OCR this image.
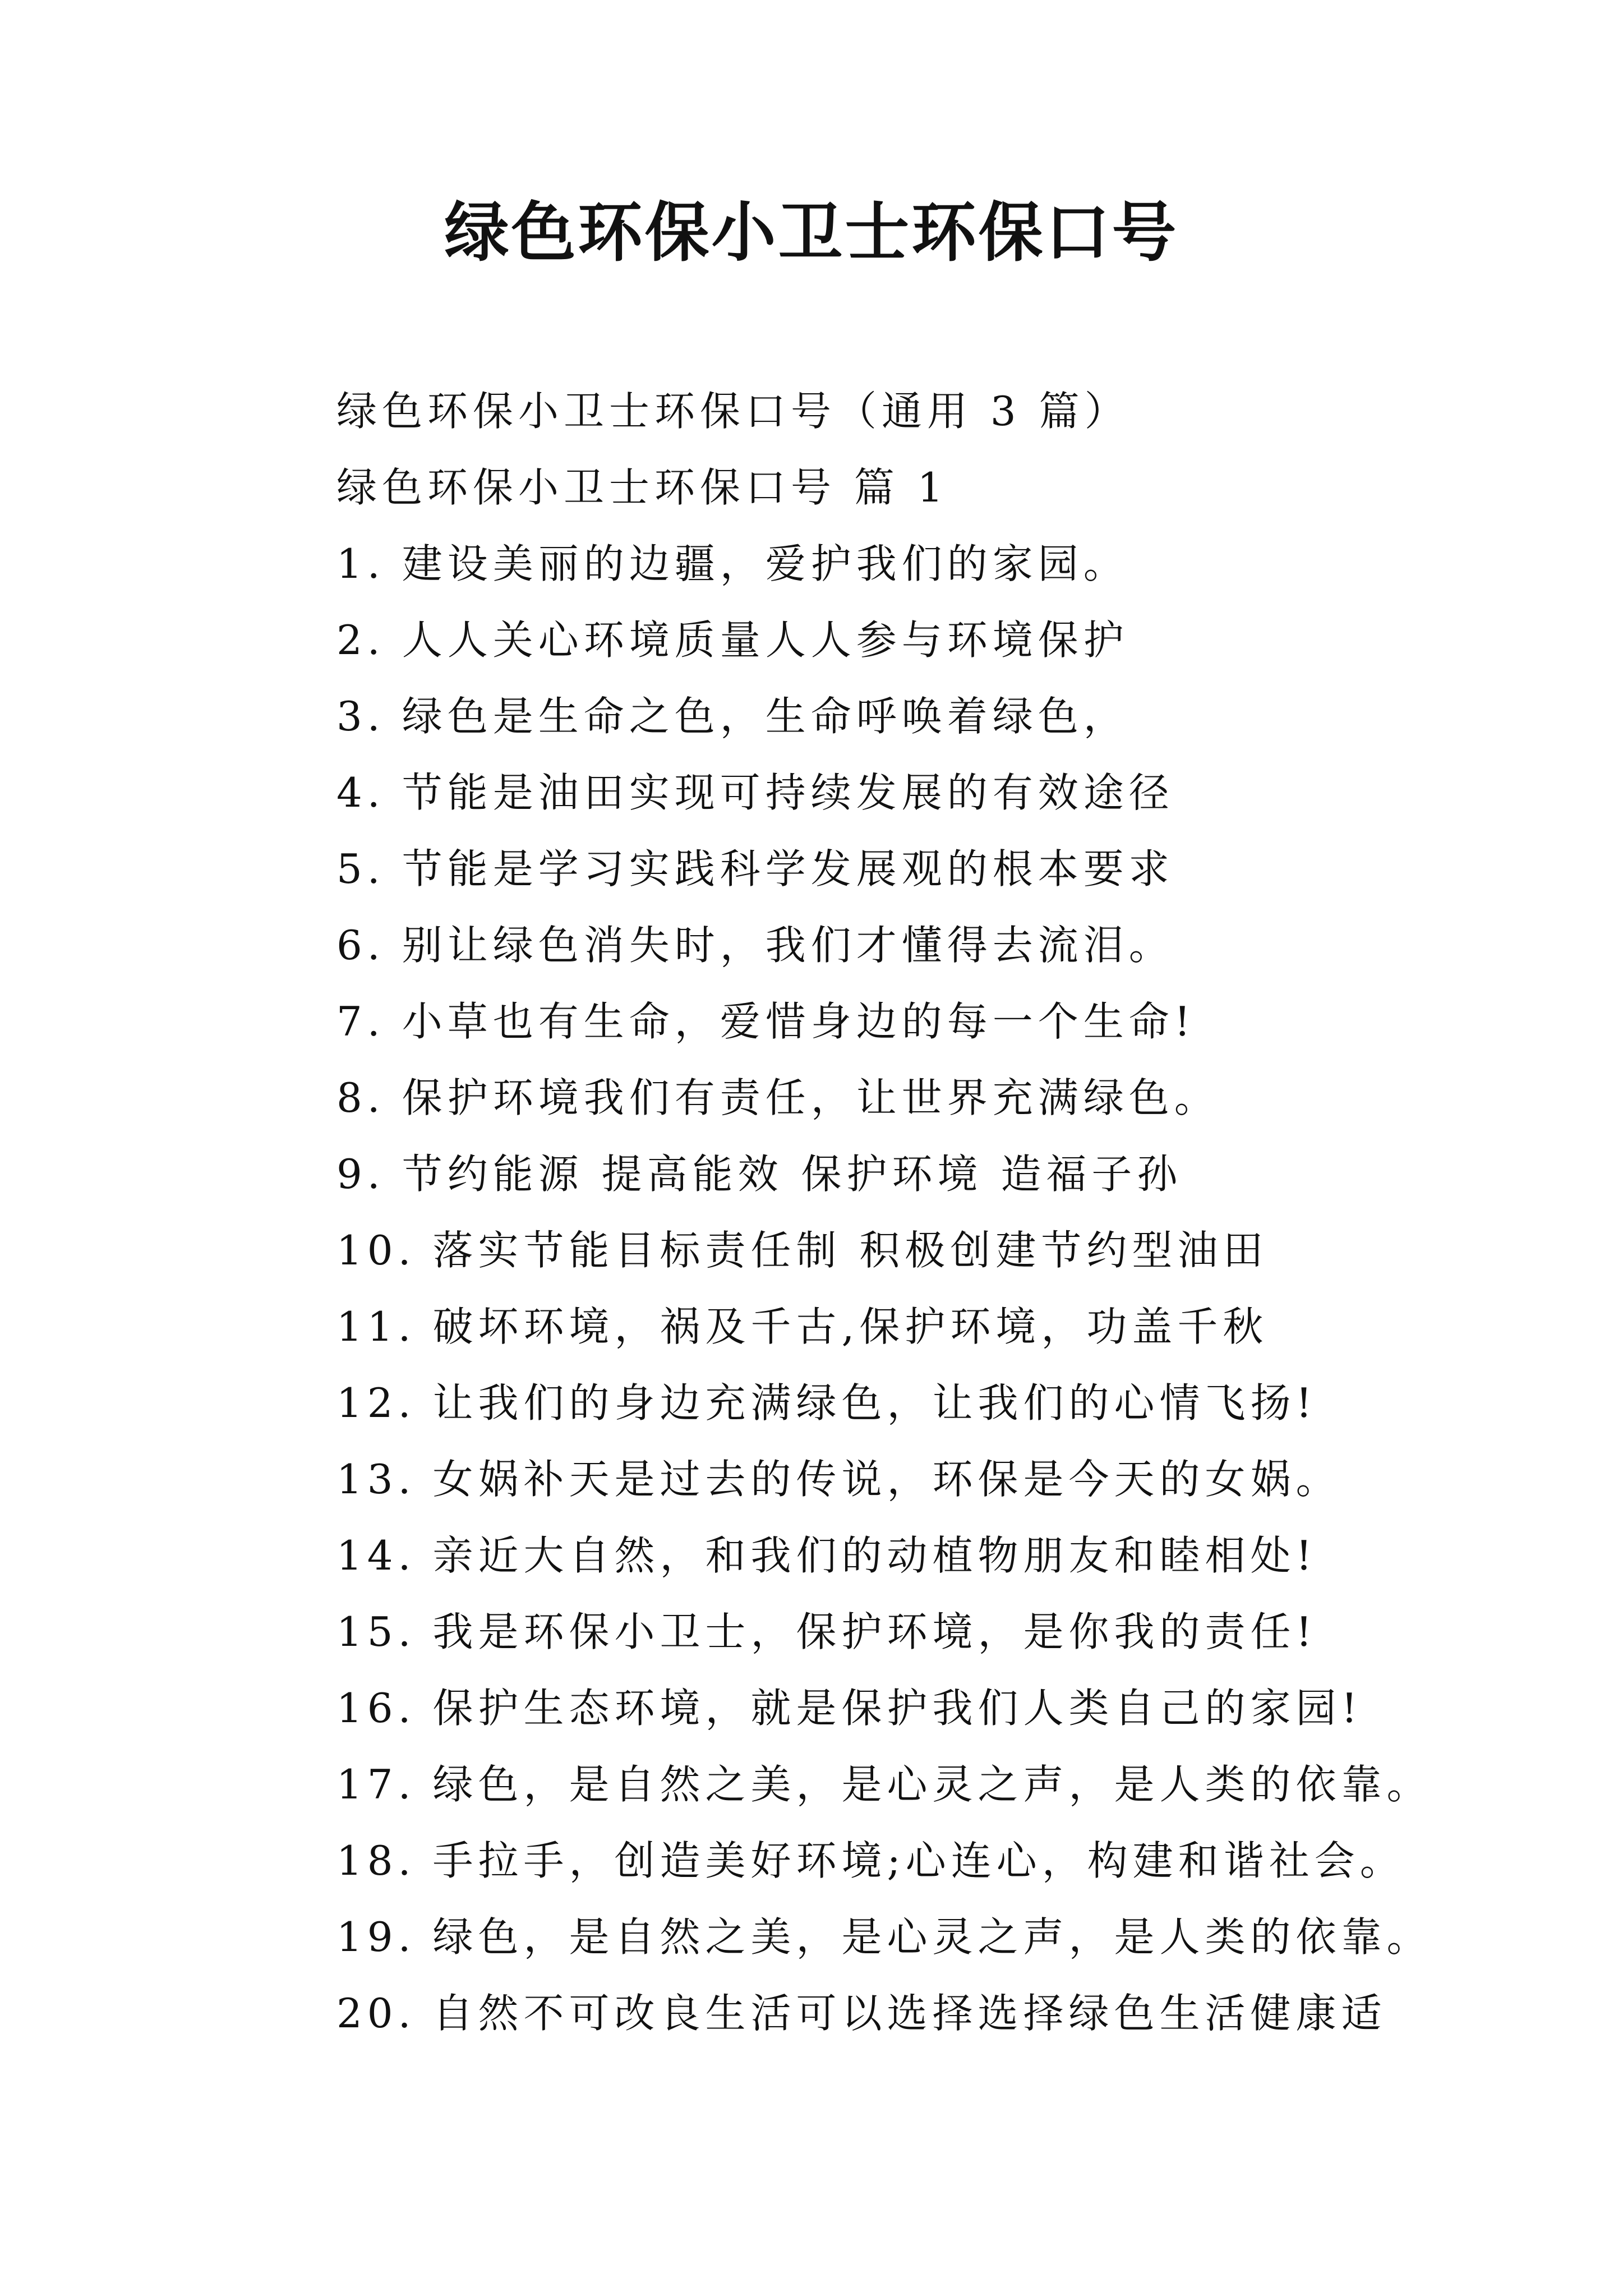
绿色环保小卫士环保口号

绿色环保小卫士环保口号（通用 3 篇）

绿色环保小卫士环保口号 篇 1

1. 建设美丽的边疆，爱护我们的家园。

2. 人人关心环境质量人人参与环境保护

3. 绿色是生命之色，生命呼唤着绿色，

4. 节能是油田实现可持续发展的有效途径

5. 节能是学习实践科学发展观的根本要求

6. 别让绿色消失时，我们才懂得去流泪。

7. 小草也有生命，爱惜身边的每一个生命!

8. 保护环境我们有责任，让世界充满绿色。

9. 节约能源 提高能效 保护环境 造福子孙

10. 落实节能目标责任制 积极创建节约型油田

11. 破坏环境，祸及千古,保护环境，功盖千秋

12. 让我们的身边充满绿色，让我们的心情飞扬!

13. 女娲补天是过去的传说，环保是今天的女娲。

14. 亲近大自然，和我们的动植物朋友和睦相处!

15. 我是环保小卫士，保护环境，是你我的责任!

16. 保护生态环境，就是保护我们人类自己的家园!

17. 绿色，是自然之美，是心灵之声，是人类的依靠。

18. 手拉手，创造美好环境;心连心，构建和谐社会。

19. 绿色，是自然之美，是心灵之声，是人类的依靠。

20. 自然不可改良生活可以选择选择绿色生活健康适
